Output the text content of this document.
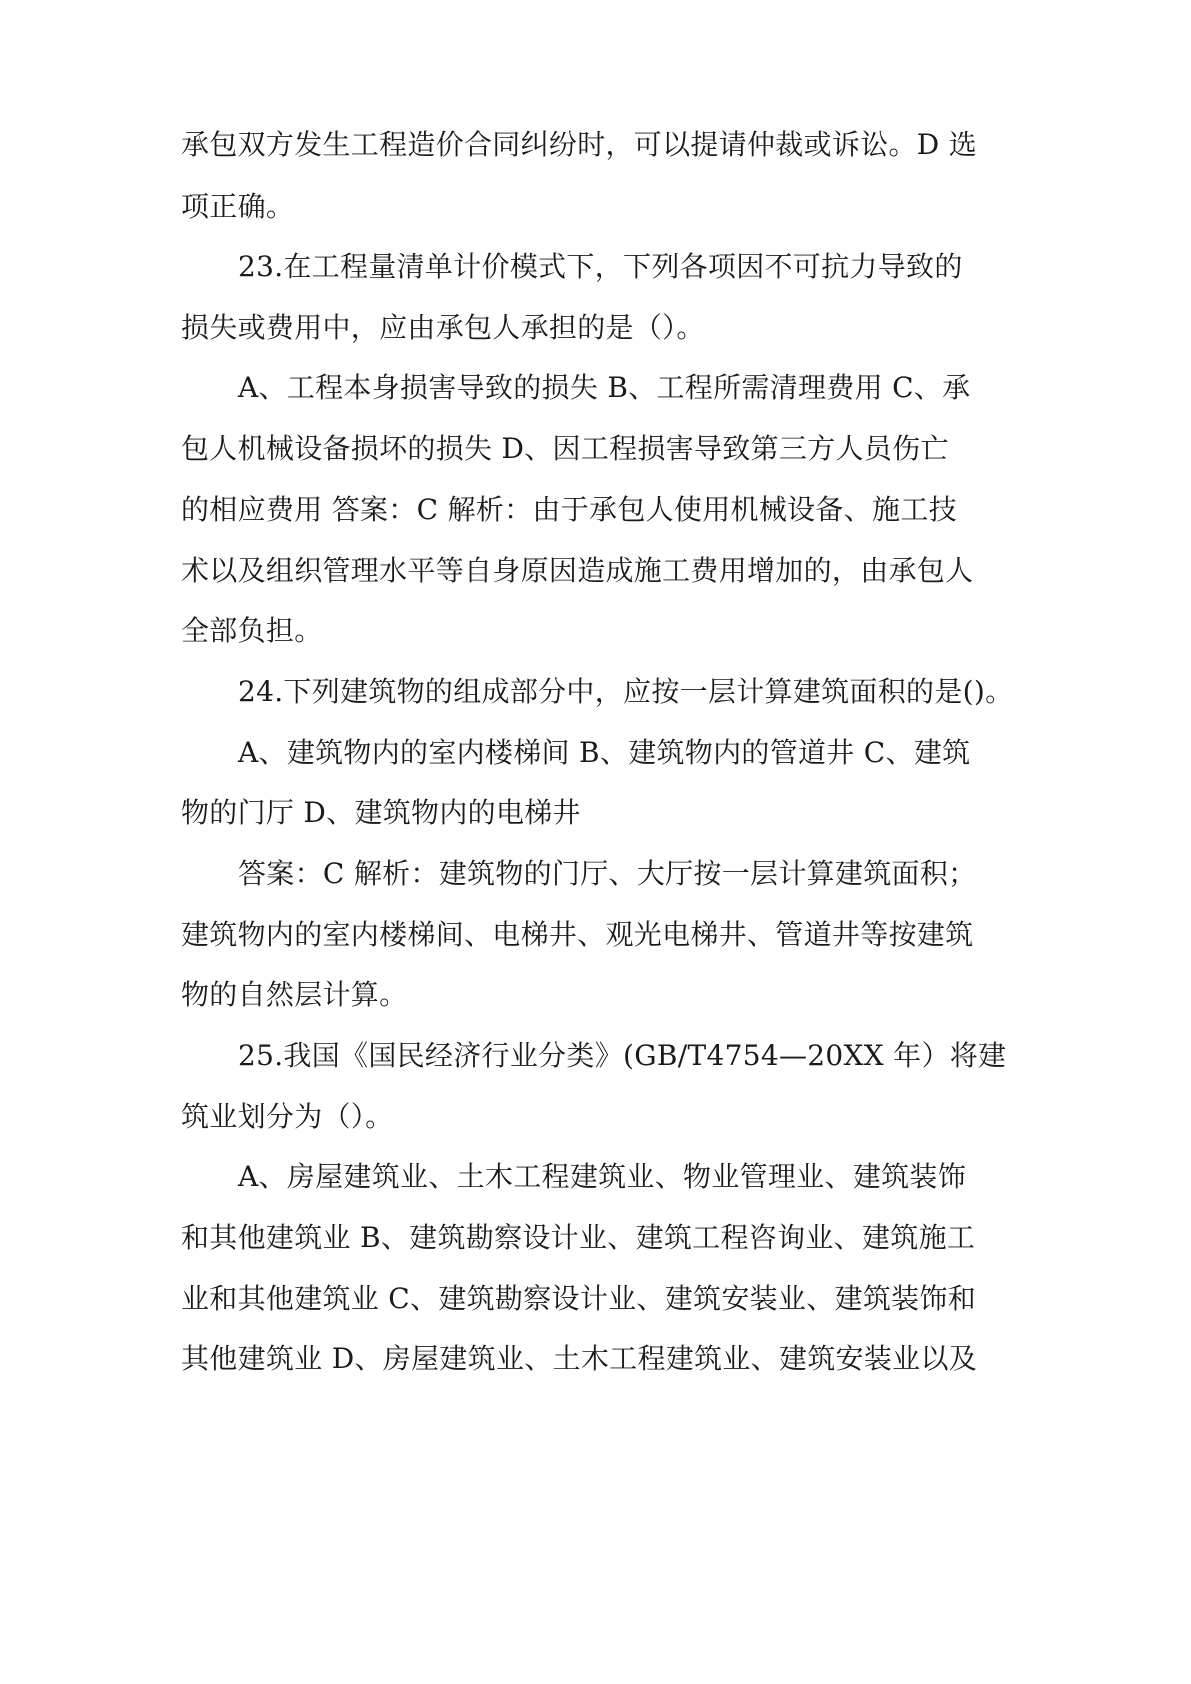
承包双方发生工程造价合同纠纷时，可以提请仲裁或诉讼。D 选
项正确。
23.在工程量清单计价模式下，下列各项因不可抗力导致的
损失或费用中，应由承包人承担的是（）。
A、工程本身损害导致的损失 B、工程所需清理费用 C、承
包人机械设备损坏的损失 D、因工程损害导致第三方人员伤亡
的相应费用 答案：C 解析：由于承包人使用机械设备、施工技
术以及组织管理水平等自身原因造成施工费用增加的，由承包人
全部负担。
24.下列建筑物的组成部分中，应按一层计算建筑面积的是()。
A、建筑物内的室内楼梯间 B、建筑物内的管道井 C、建筑
物的门厅 D、建筑物内的电梯井
答案：C 解析：建筑物的门厅、大厅按一层计算建筑面积；
建筑物内的室内楼梯间、电梯井、观光电梯井、管道井等按建筑
物的自然层计算。
25.我国《国民经济行业分类》(GB/T4754—20XX 年）将建
筑业划分为（）。
A、房屋建筑业、土木工程建筑业、物业管理业、建筑装饰
和其他建筑业 B、建筑勘察设计业、建筑工程咨询业、建筑施工
业和其他建筑业 C、建筑勘察设计业、建筑安装业、建筑装饰和
其他建筑业 D、房屋建筑业、土木工程建筑业、建筑安装业以及
